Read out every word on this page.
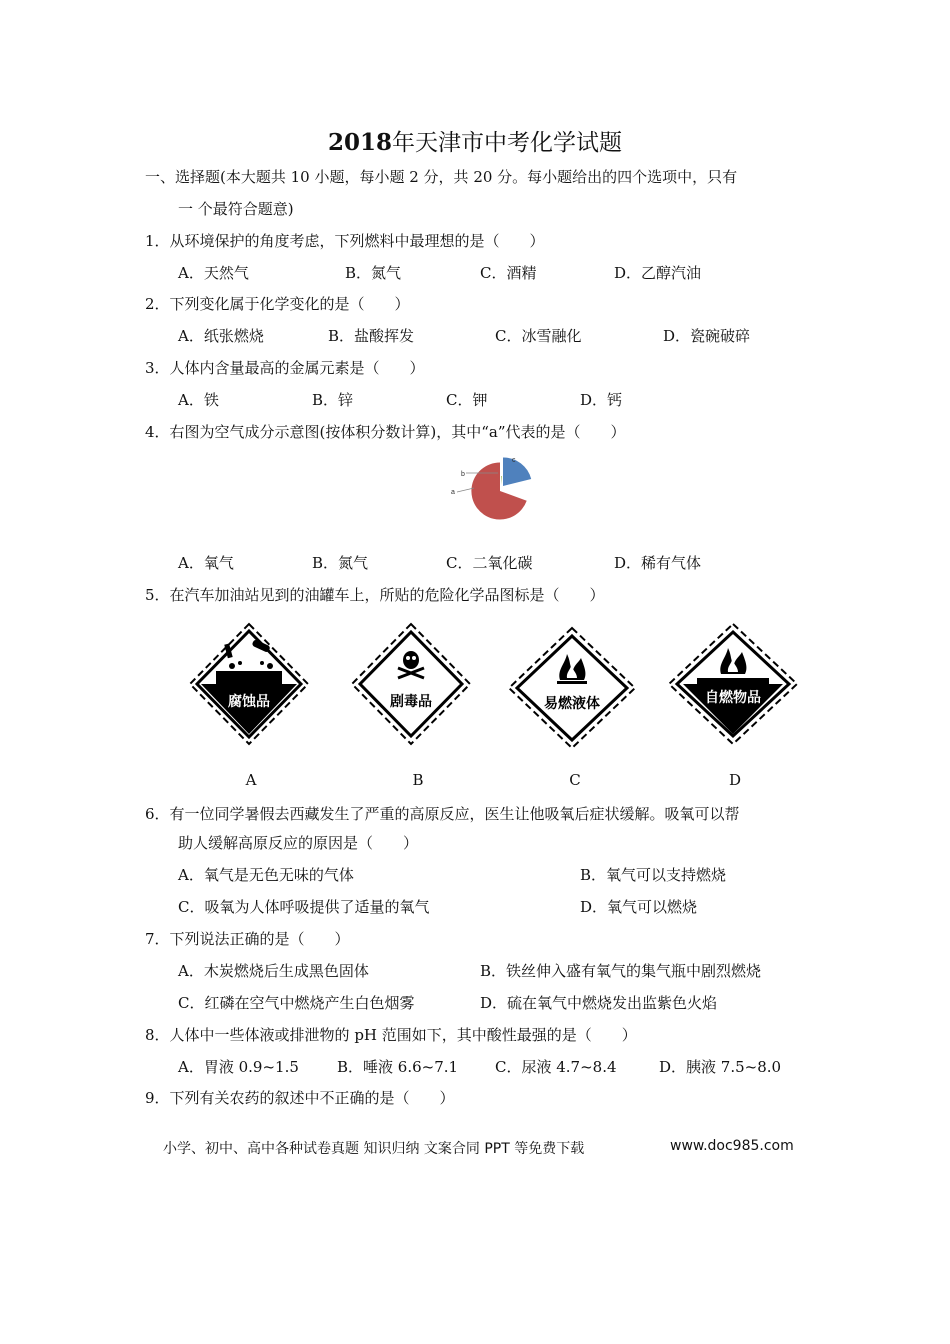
2018年天津市中考化学试题
一、选择题(本大题共 10 小题，每小题 2 分，共 20 分。每小题给出的四个选项中，只有
一 个最符合题意)
1．从环境保护的角度考虑，下列燃料中最理想的是（　　）
A．天然气	B．氮气	C．酒精	D．乙醇汽油
2．下列变化属于化学变化的是（　　）
A．纸张燃烧	B．盐酸挥发	C．冰雪融化	D．瓷碗破碎
3．人体内含量最高的金属元素是（　　）
A．铁	B．锌	C．钾	D．钙
4．右图为空气成分示意图(按体积分数计算)，其中“a”代表的是（　　）
a
b
c
A．氧气	B．氮气	C．二氧化碳	D．稀有气体
5．在汽车加油站见到的油罐车上，所贴的危险化学品图标是（　　）
腐蚀品	剧毒品	易燃液体	自燃物品
A	B	C	D
6．有一位同学暑假去西藏发生了严重的高原反应，医生让他吸氧后症状缓解。吸氧可以帮
助人缓解高原反应的原因是（　　）
A．氧气是无色无味的气体	B．氧气可以支持燃烧
C．吸氧为人体呼吸提供了适量的氧气	D．氧气可以燃烧
7．下列说法正确的是（　　）
A．木炭燃烧后生成黑色固体	B．铁丝伸入盛有氧气的集气瓶中剧烈燃烧
C．红磷在空气中燃烧产生白色烟雾	D．硫在氧气中燃烧发出监紫色火焰
8．人体中一些体液或排泄物的 pH 范围如下，其中酸性最强的是（　　）
A．胃液 0.9~1.5	B．唾液 6.6~7.1 C．尿液 4.7~8.4	D．胰液 7.5~8.0
9．下列有关农药的叙述中不正确的是（　　）
小学、初中、高中各种试卷真题 知识归纳 文案合同 PPT 等免费下载	www.doc985.com
